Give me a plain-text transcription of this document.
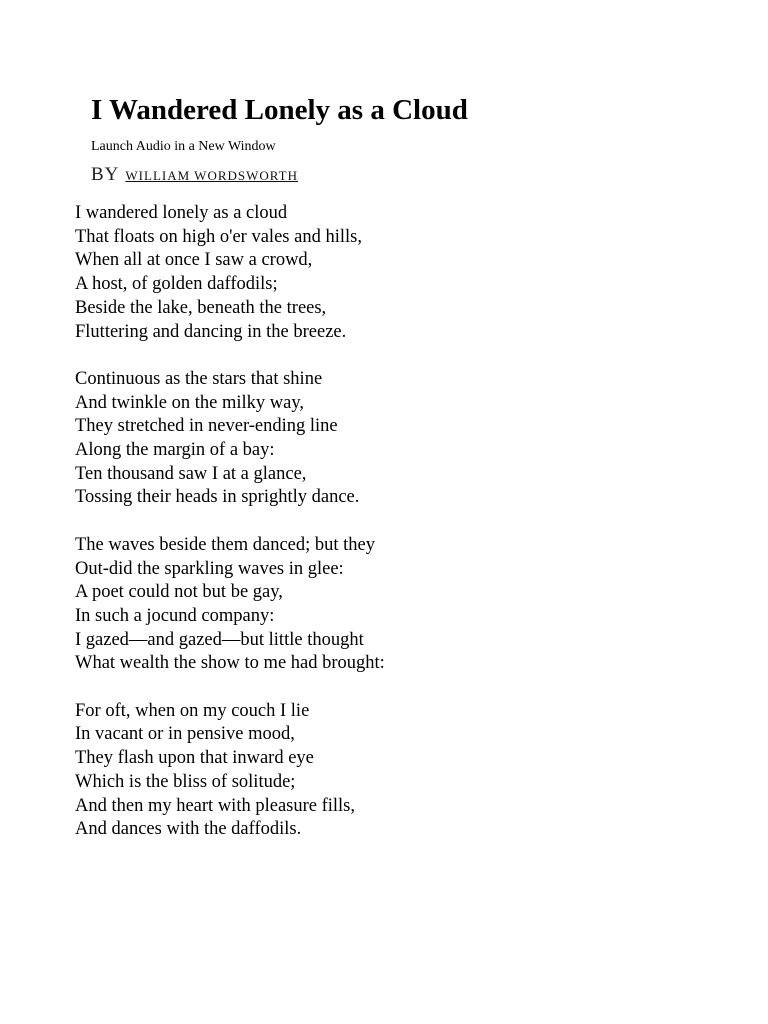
I Wandered Lonely as a Cloud
Launch Audio in a New Window
BY WILLIAM WORDSWORTH
I wandered lonely as a cloud
That floats on high o'er vales and hills,
When all at once I saw a crowd,
A host, of golden daffodils;
Beside the lake, beneath the trees,
Fluttering and dancing in the breeze.
Continuous as the stars that shine
And twinkle on the milky way,
They stretched in never-ending line
Along the margin of a bay:
Ten thousand saw I at a glance,
Tossing their heads in sprightly dance.
The waves beside them danced; but they
Out-did the sparkling waves in glee:
A poet could not but be gay,
In such a jocund company:
I gazed—and gazed—but little thought
What wealth the show to me had brought:
For oft, when on my couch I lie
In vacant or in pensive mood,
They flash upon that inward eye
Which is the bliss of solitude;
And then my heart with pleasure fills,
And dances with the daffodils.
